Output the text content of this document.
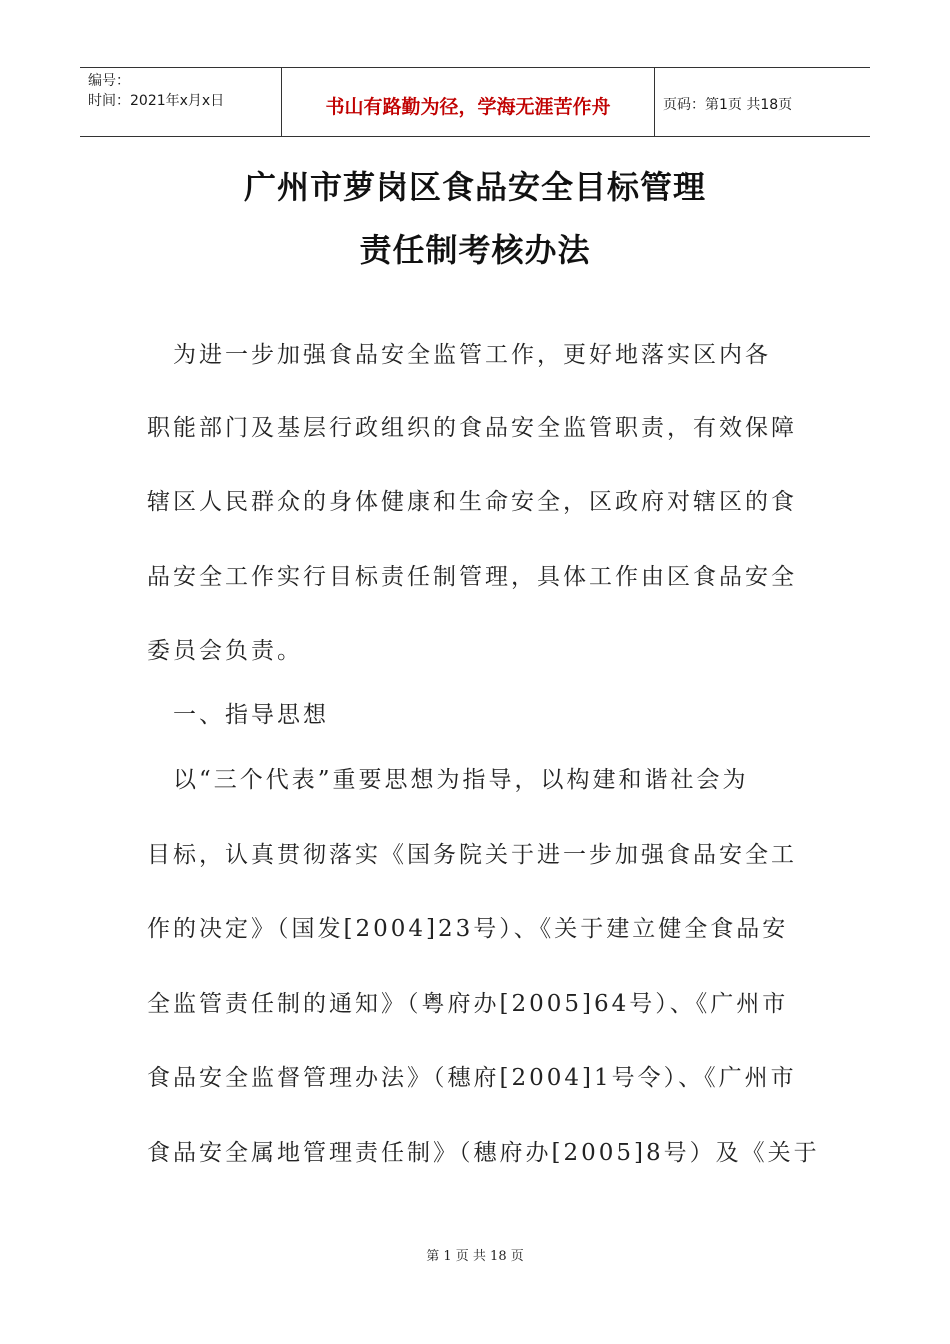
编号：
时间：2021年x月x日	书山有路勤为径，学海无涯苦作舟	页码：第1页 共18页
广州市萝岗区食品安全目标管理
责任制考核办法
　为进一步加强食品安全监管工作，更好地落实区内各
职能部门及基层行政组织的食品安全监管职责，有效保障
辖区人民群众的身体健康和生命安全，区政府对辖区的食
品安全工作实行目标责任制管理，具体工作由区食品安全
委员会负责。
　一、指导思想
　以“三个代表”重要思想为指导，以构建和谐社会为
目标，认真贯彻落实《国务院关于进一步加强食品安全工
作的决定》（国发[2004]23号）、《关于建立健全食品安
全监管责任制的通知》（粤府办[2005]64号）、《广州市
食品安全监督管理办法》（穗府[2004]1号令）、《广州市
食品安全属地管理责任制》（穗府办[2005]8号）及《关于
第 1 页 共 18 页
